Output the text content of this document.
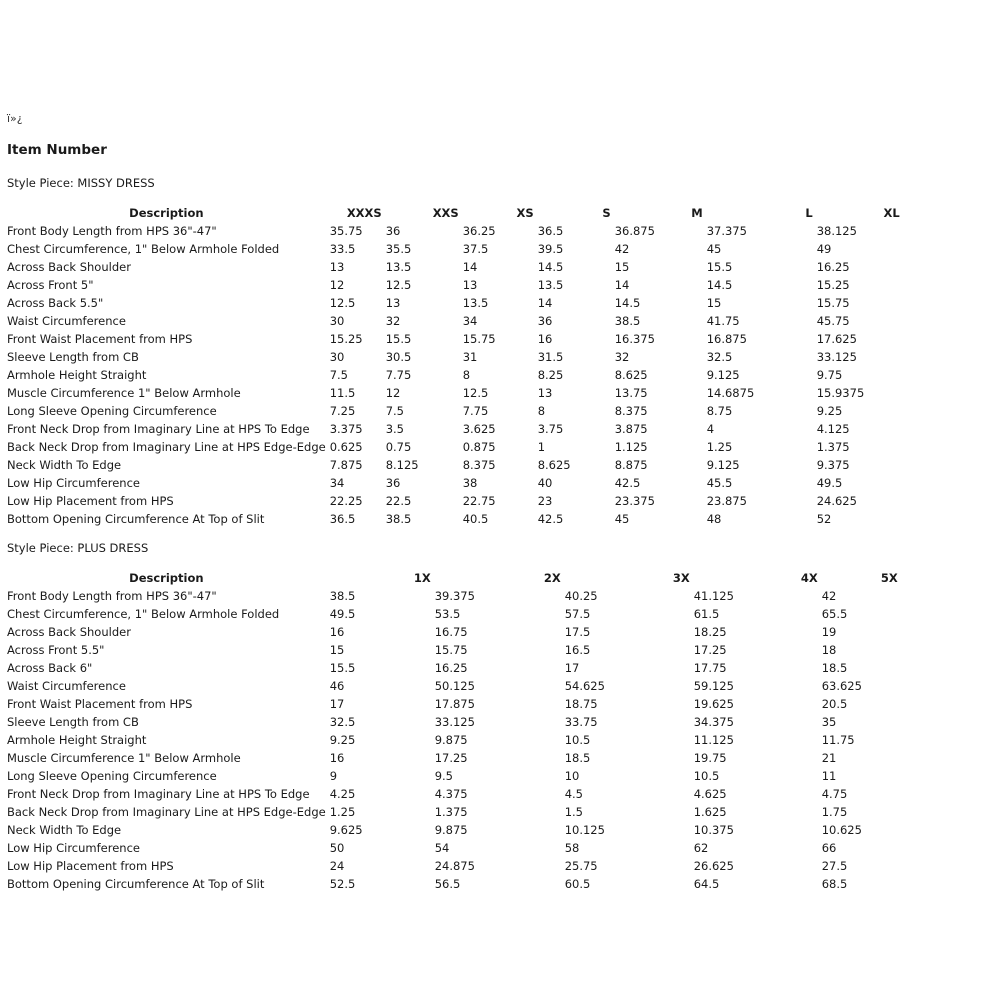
ï»¿
Item Number
Style Piece: MISSY DRESS
Description	XXXS	XXS	XS	S	M	L	XL
Front Body Length from HPS 36"-47"	35.75	36	36.25	36.5	36.875	37.375	38.125
Chest Circumference, 1" Below Armhole Folded	33.5	35.5	37.5	39.5	42	45	49
Across Back Shoulder	13	13.5	14	14.5	15	15.5	16.25
Across Front 5"	12	12.5	13	13.5	14	14.5	15.25
Across Back 5.5"	12.5	13	13.5	14	14.5	15	15.75
Waist Circumference	30	32	34	36	38.5	41.75	45.75
Front Waist Placement from HPS	15.25	15.5	15.75	16	16.375	16.875	17.625
Sleeve Length from CB	30	30.5	31	31.5	32	32.5	33.125
Armhole Height Straight	7.5	7.75	8	8.25	8.625	9.125	9.75
Muscle Circumference 1" Below Armhole	11.5	12	12.5	13	13.75	14.6875	15.9375
Long Sleeve Opening Circumference	7.25	7.5	7.75	8	8.375	8.75	9.25
Front Neck Drop from Imaginary Line at HPS To Edge	3.375	3.5	3.625	3.75	3.875	4	4.125
Back Neck Drop from Imaginary Line at HPS Edge-Edge	0.625	0.75	0.875	1	1.125	1.25	1.375
Neck Width To Edge	7.875	8.125	8.375	8.625	8.875	9.125	9.375
Low Hip Circumference	34	36	38	40	42.5	45.5	49.5
Low Hip Placement from HPS	22.25	22.5	22.75	23	23.375	23.875	24.625
Bottom Opening Circumference At Top of Slit	36.5	38.5	40.5	42.5	45	48	52
Style Piece: PLUS DRESS
Description	1X	2X	3X	4X	5X
Front Body Length from HPS 36"-47"	38.5	39.375	40.25	41.125	42
Chest Circumference, 1" Below Armhole Folded	49.5	53.5	57.5	61.5	65.5
Across Back Shoulder	16	16.75	17.5	18.25	19
Across Front 5.5"	15	15.75	16.5	17.25	18
Across Back 6"	15.5	16.25	17	17.75	18.5
Waist Circumference	46	50.125	54.625	59.125	63.625
Front Waist Placement from HPS	17	17.875	18.75	19.625	20.5
Sleeve Length from CB	32.5	33.125	33.75	34.375	35
Armhole Height Straight	9.25	9.875	10.5	11.125	11.75
Muscle Circumference 1" Below Armhole	16	17.25	18.5	19.75	21
Long Sleeve Opening Circumference	9	9.5	10	10.5	11
Front Neck Drop from Imaginary Line at HPS To Edge	4.25	4.375	4.5	4.625	4.75
Back Neck Drop from Imaginary Line at HPS Edge-Edge	1.25	1.375	1.5	1.625	1.75
Neck Width To Edge	9.625	9.875	10.125	10.375	10.625
Low Hip Circumference	50	54	58	62	66
Low Hip Placement from HPS	24	24.875	25.75	26.625	27.5
Bottom Opening Circumference At Top of Slit	52.5	56.5	60.5	64.5	68.5
